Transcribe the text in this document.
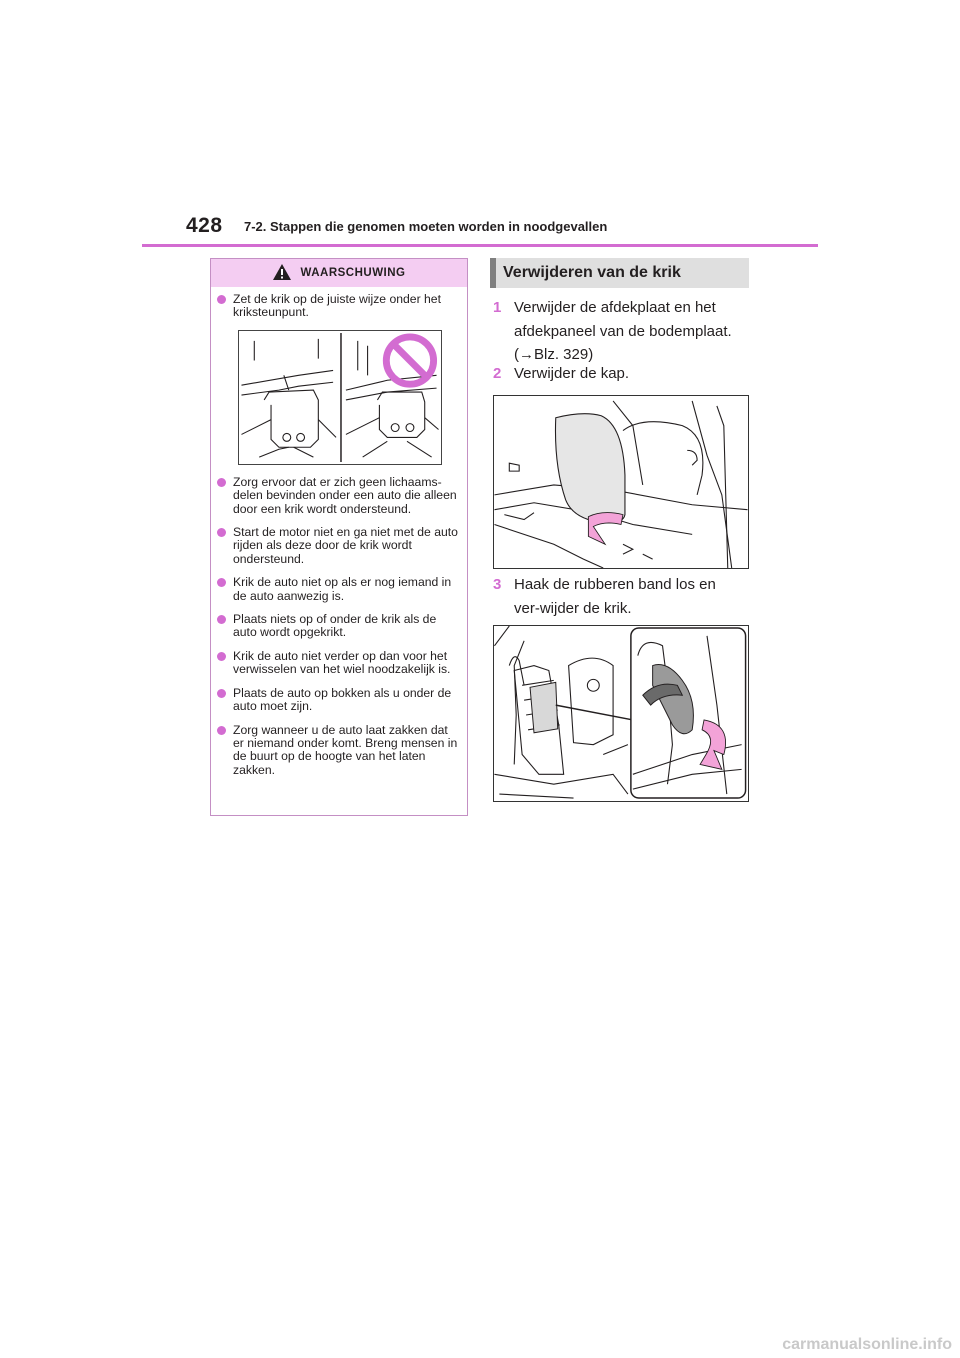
428 7-2. Stappen die genomen moeten worden in noodgevallen
WAARSCHUWING
Zet de krik op de juiste wijze onder het kriksteunpunt.
Zorg ervoor dat er zich geen lichaams-delen bevinden onder een auto die alleen door een krik wordt ondersteund.
Start de motor niet en ga niet met de auto rijden als deze door de krik wordt ondersteund.
Krik de auto niet op als er nog iemand in de auto aanwezig is.
Plaats niets op of onder de krik als de auto wordt opgekrikt.
Krik de auto niet verder op dan voor het verwisselen van het wiel noodzakelijk is.
Plaats de auto op bokken als u onder de auto moet zijn.
Zorg wanneer u de auto laat zakken dat er niemand onder komt. Breng mensen in de buurt op de hoogte van het laten zakken.
Verwijderen van de krik
1 Verwijder de afdekplaat en het afdekpaneel van de bodemplaat. (→Blz. 329)
2 Verwijder de kap.
3 Haak de rubberen band los en ver-wijder de krik.
carmanualsonline.info
